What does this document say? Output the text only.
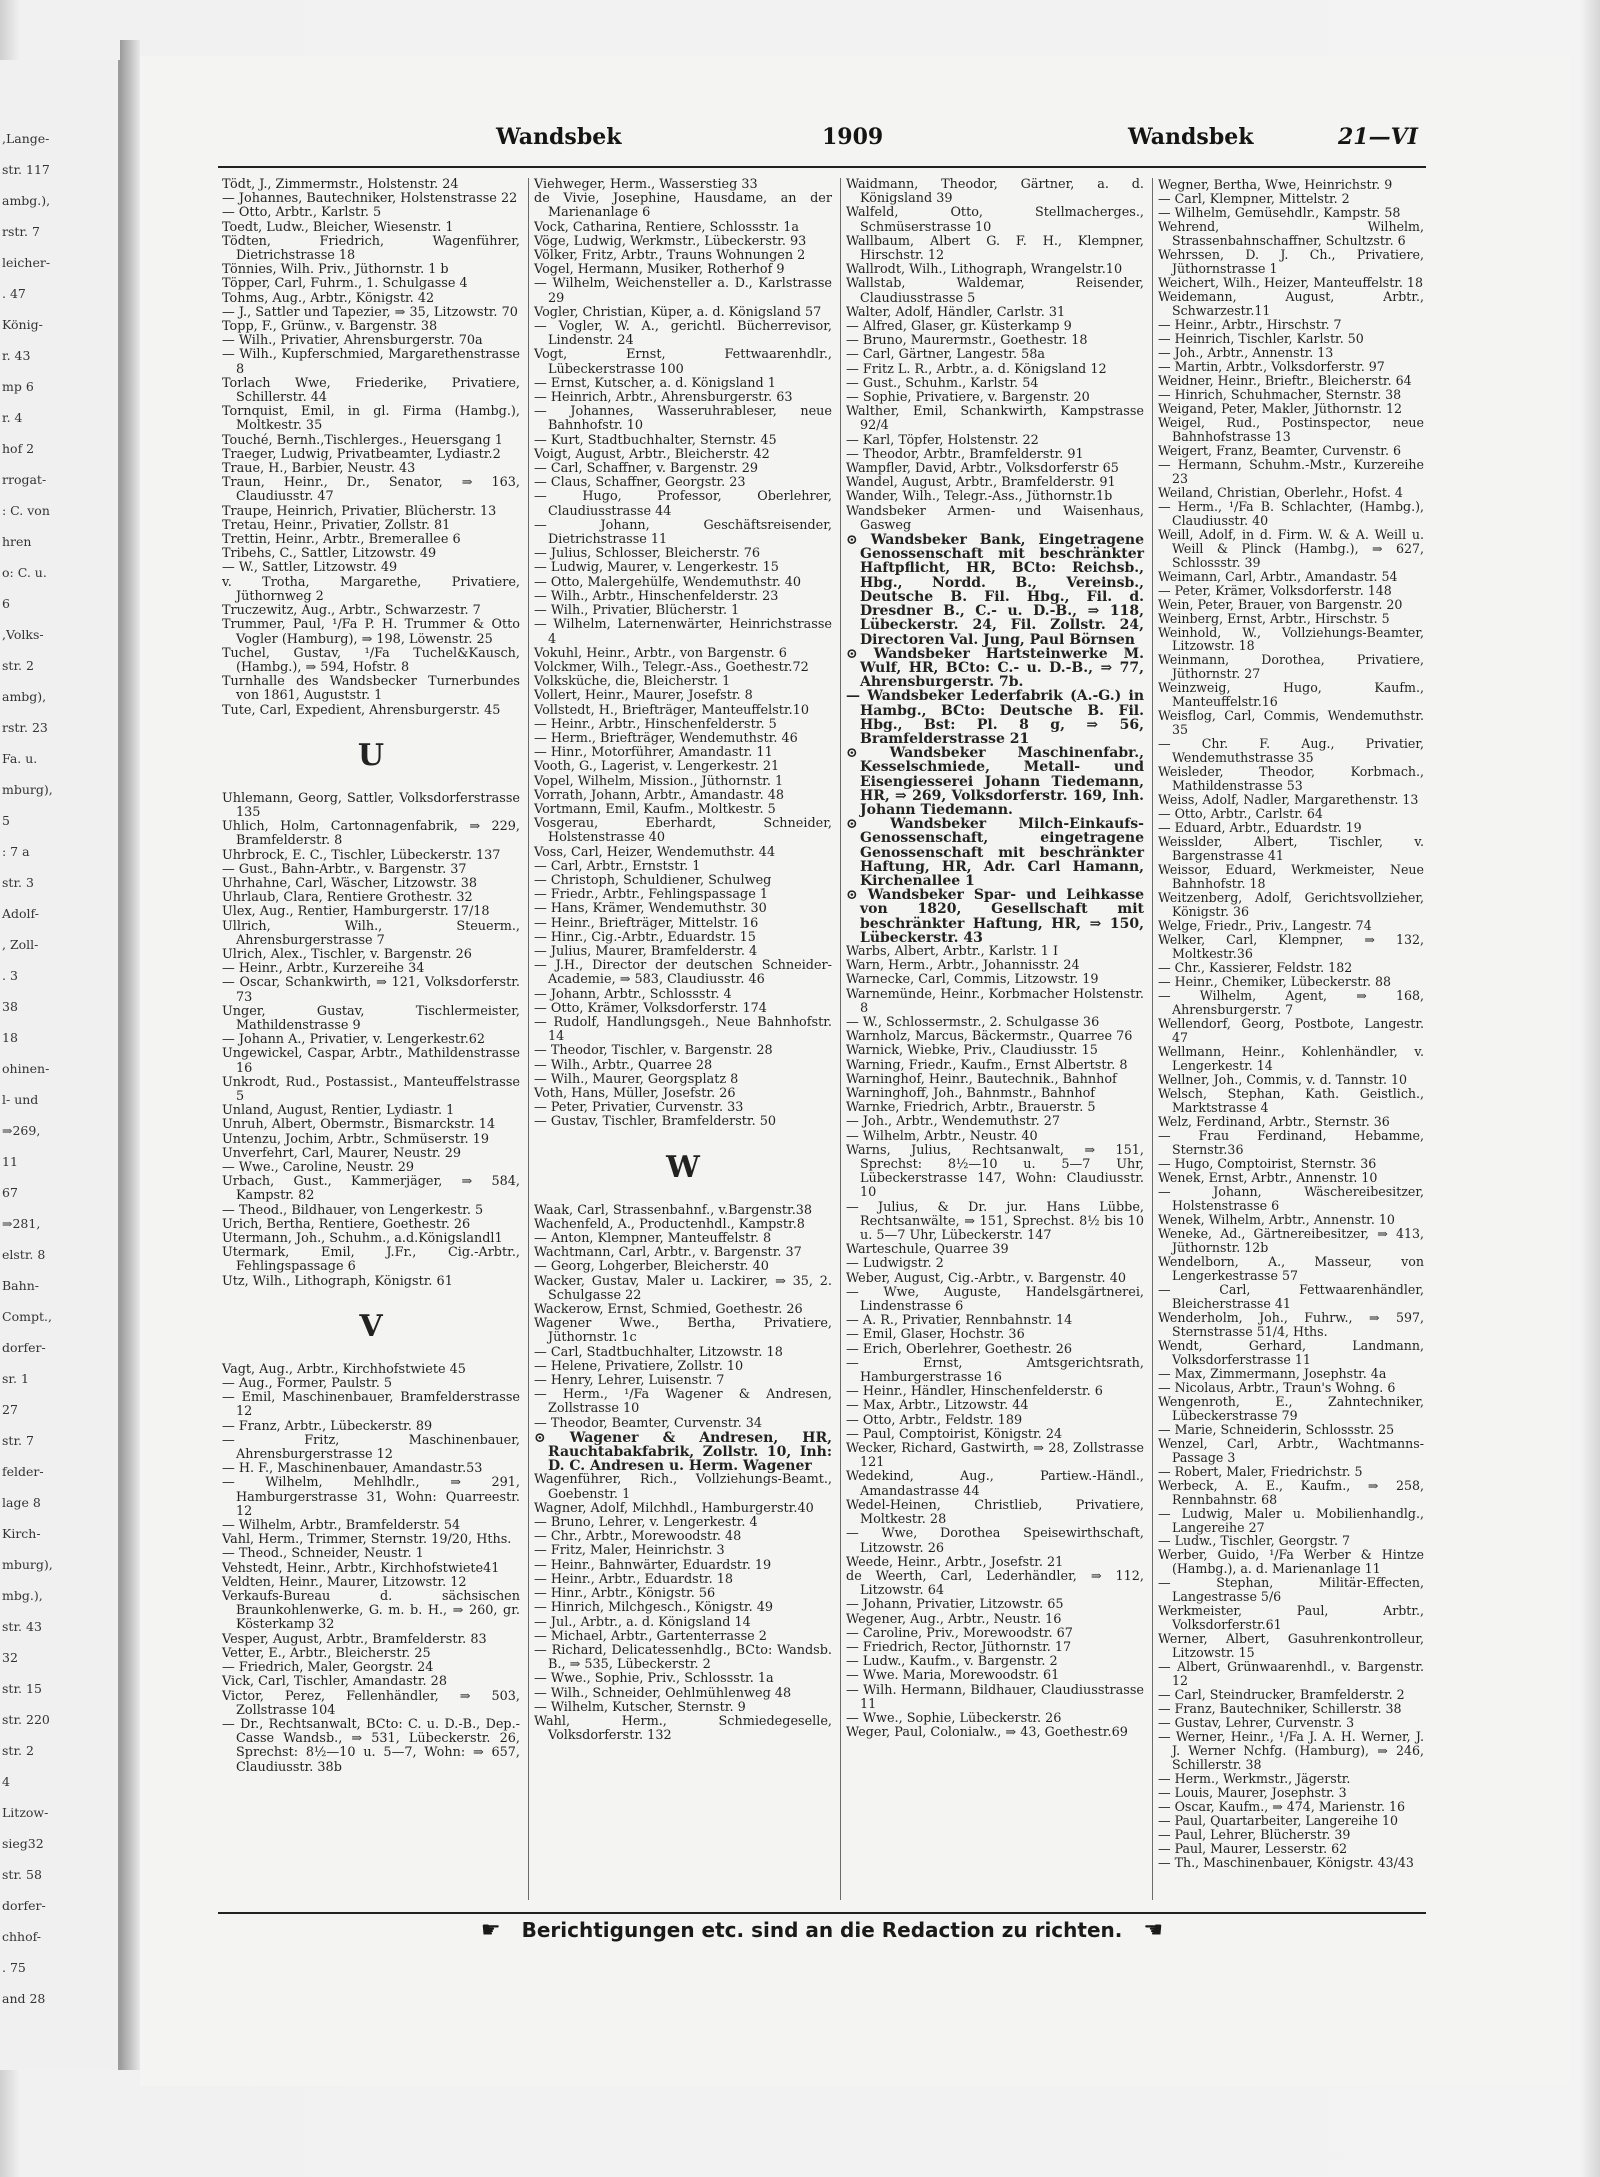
,Lange-
str. 117
ambg.),
rstr. 7
leicher-
. 47
König-
r. 43
mp 6
r. 4
hof 2
rrogat-
: C. von
hren
o: C. u.
6
,Volks-
str. 2
ambg),
rstr. 23
Fa. u.
mburg),
5
: 7 a
str. 3
Adolf-
, Zoll-
. 3
38
18
ohinen-
l- und
⇒269,
11
67
⇒281,
elstr. 8
Bahn-
Compt.,
dorfer-
sr. 1
27
str. 7
felder-
lage 8
Kirch-
mburg),
mbg.),
str. 43
32
str. 15
str. 220
str. 2
4
Litzow-
sieg32
str. 58
dorfer-
chhof-
. 75
and 28
Wandsbek	1909	Wandsbek	21—VI

Tödt, J., Zimmermstr., Holstenstr. 24

— Johannes, Bautechniker, Holstenstrasse 22

— Otto, Arbtr., Karlstr. 5

Toedt, Ludw., Bleicher, Wiesenstr. 1

Tödten, Friedrich, Wagenführer, Dietrichstrasse 18

Tönnies, Wilh. Priv., Jüthornstr. 1 b

Töpper, Carl, Fuhrm., 1. Schulgasse 4

Tohms, Aug., Arbtr., Königstr. 42

— J., Sattler und Tapezier, ⇒ 35, Litzowstr. 70

Topp, F., Grünw., v. Bargenstr. 38

— Wilh., Privatier, Ahrensburgerstr. 70a

— Wilh., Kupferschmied, Margarethenstrasse 8

Torlach Wwe, Friederike, Privatiere, Schillerstr. 44

Tornquist, Emil, in gl. Firma (Hambg.), Moltkestr. 35

Touché, Bernh.,Tischlerges., Heuersgang 1

Traeger, Ludwig, Privatbeamter, Lydiastr.2

Traue, H., Barbier, Neustr. 43

Traun, Heinr., Dr., Senator, ⇒ 163, Claudiusstr. 47

Traupe, Heinrich, Privatier, Blücherstr. 13

Tretau, Heinr., Privatier, Zollstr. 81

Trettin, Heinr., Arbtr., Bremerallee 6

Tribehs, C., Sattler, Litzowstr. 49

— W., Sattler, Litzowstr. 49

v. Trotha, Margarethe, Privatiere, Jüthornweg 2

Truczewitz, Aug., Arbtr., Schwarzestr. 7

Trummer, Paul, ¹/Fa P. H. Trummer & Otto Vogler (Hamburg), ⇒ 198, Löwenstr. 25

Tuchel, Gustav, ¹/Fa Tuchel&Kausch, (Hambg.), ⇒ 594, Hofstr. 8

Turnhalle des Wandsbecker Turnerbundes von 1861, Auguststr. 1

Tute, Carl, Expedient, Ahrensburgerstr. 45

U

Uhlemann, Georg, Sattler, Volksdorferstrasse 135

Uhlich, Holm, Cartonnagenfabrik, ⇒ 229, Bramfelderstr. 8

Uhrbrock, E. C., Tischler, Lübeckerstr. 137

— Gust., Bahn-Arbtr., v. Bargenstr. 37

Uhrhahne, Carl, Wäscher, Litzowstr. 38

Uhrlaub, Clara, Rentiere Grothestr. 32

Ulex, Aug., Rentier, Hamburgerstr. 17/18

Ullrich, Wilh., Steuerm., Ahrensburgerstrasse 7

Ulrich, Alex., Tischler, v. Bargenstr. 26

— Heinr., Arbtr., Kurzereihe 34

— Oscar, Schankwirth, ⇒ 121, Volksdorferstr. 73

Unger, Gustav, Tischlermeister, Mathildenstrasse 9

— Johann A., Privatier, v. Lengerkestr.62

Ungewickel, Caspar, Arbtr., Mathildenstrasse 16

Unkrodt, Rud., Postassist., Manteuffelstrasse 5

Unland, August, Rentier, Lydiastr. 1

Unruh, Albert, Obermstr., Bismarckstr. 14

Untenzu, Jochim, Arbtr., Schmüserstr. 19

Unverfehrt, Carl, Maurer, Neustr. 29

— Wwe., Caroline, Neustr. 29

Urbach, Gust., Kammerjäger, ⇒ 584, Kampstr. 82

— Theod., Bildhauer, von Lengerkestr. 5

Urich, Bertha, Rentiere, Goethestr. 26

Utermann, Joh., Schuhm., a.d.Königslandl1

Utermark, Emil, J.Fr., Cig.-Arbtr., Fehlingspassage 6

Utz, Wilh., Lithograph, Königstr. 61

V

Vagt, Aug., Arbtr., Kirchhofstwiete 45

— Aug., Former, Paulstr. 5

— Emil, Maschinenbauer, Bramfelderstrasse 12

— Franz, Arbtr., Lübeckerstr. 89

— Fritz, Maschinenbauer, Ahrensburgerstrasse 12

— H. F., Maschinenbauer, Amandastr.53

— Wilhelm, Mehlhdlr., ⇒ 291, Hamburgerstrasse 31, Wohn: Quarreestr. 12

— Wilhelm, Arbtr., Bramfelderstr. 54

Vahl, Herm., Trimmer, Sternstr. 19/20, Hths.

— Theod., Schneider, Neustr. 1

Vehstedt, Heinr., Arbtr., Kirchhofstwiete41

Veldten, Heinr., Maurer, Litzowstr. 12

Verkaufs-Bureau d. sächsischen Braunkohlenwerke, G. m. b. H., ⇒ 260, gr. Kösterkamp 32

Vesper, August, Arbtr., Bramfelderstr. 83

Vetter, E., Arbtr., Bleicherstr. 25

— Friedrich, Maler, Georgstr. 24

Vick, Carl, Tischler, Amandastr. 28

Victor, Perez, Fellenhändler, ⇒ 503, Zollstrasse 104

— Dr., Rechtsanwalt, BCto: C. u. D.-B., Dep.-Casse Wandsb., ⇒ 531, Lübeckerstr. 26, Sprechst: 8½—10 u. 5—7, Wohn: ⇒ 657, Claudiusstr. 38b

Viehweger, Herm., Wasserstieg 33

de Vivie, Josephine, Hausdame, an der Marienanlage 6

Vock, Catharina, Rentiere, Schlossstr. 1a

Vöge, Ludwig, Werkmstr., Lübeckerstr. 93

Völker, Fritz, Arbtr., Trauns Wohnungen 2

Vogel, Hermann, Musiker, Rotherhof 9

— Wilhelm, Weichensteller a. D., Karlstrasse 29

Vogler, Christian, Küper, a. d. Königsland 57

— Vogler, W. A., gerichtl. Bücherrevisor, Lindenstr. 24

Vogt, Ernst, Fettwaarenhdlr., Lübeckerstrasse 100

— Ernst, Kutscher, a. d. Königsland 1

— Heinrich, Arbtr., Ahrensburgerstr. 63

— Johannes, Wasseruhrableser, neue Bahnhofstr. 10

— Kurt, Stadtbuchhalter, Sternstr. 45

Voigt, August, Arbtr., Bleicherstr. 42

— Carl, Schaffner, v. Bargenstr. 29

— Claus, Schaffner, Georgstr. 23

— Hugo, Professor, Oberlehrer, Claudiusstrasse 44

— Johann, Geschäftsreisender, Dietrichstrasse 11

— Julius, Schlosser, Bleicherstr. 76

— Ludwig, Maurer, v. Lengerkestr. 15

— Otto, Malergehülfe, Wendemuthstr. 40

— Wilh., Arbtr., Hinschenfelderstr. 23

— Wilh., Privatier, Blücherstr. 1

— Wilhelm, Laternenwärter, Heinrichstrasse 4

Vokuhl, Heinr., Arbtr., von Bargenstr. 6

Volckmer, Wilh., Telegr.-Ass., Goethestr.72

Volksküche, die, Bleicherstr. 1

Vollert, Heinr., Maurer, Josefstr. 8

Vollstedt, H., Briefträger, Manteuffelstr.10

— Heinr., Arbtr., Hinschenfelderstr. 5

— Herm., Briefträger, Wendemuthstr. 46

— Hinr., Motorführer, Amandastr. 11

Vooth, G., Lagerist, v. Lengerkestr. 21

Vopel, Wilhelm, Mission., Jüthornstr. 1

Vorrath, Johann, Arbtr., Amandastr. 48

Vortmann, Emil, Kaufm., Moltkestr. 5

Vosgerau, Eberhardt, Schneider, Holstenstrasse 40

Voss, Carl, Heizer, Wendemuthstr. 44

— Carl, Arbtr., Ernststr. 1

— Christoph, Schuldiener, Schulweg

— Friedr., Arbtr., Fehlingspassage 1

— Hans, Krämer, Wendemuthstr. 30

— Heinr., Briefträger, Mittelstr. 16

— Hinr., Cig.-Arbtr., Eduardstr. 15

— Julius, Maurer, Bramfelderstr. 4

— J.H., Director der deutschen Schneider-Academie, ⇒ 583, Claudiusstr. 46

— Johann, Arbtr., Schlossstr. 4

— Otto, Krämer, Volksdorferstr. 174

— Rudolf, Handlungsgeh., Neue Bahnhofstr. 14

— Theodor, Tischler, v. Bargenstr. 28

— Wilh., Arbtr., Quarree 28

— Wilh., Maurer, Georgsplatz 8

Voth, Hans, Müller, Josefstr. 26

— Peter, Privatier, Curvenstr. 33

— Gustav, Tischler, Bramfelderstr. 50

W

Waak, Carl, Strassenbahnf., v.Bargenstr.38

Wachenfeld, A., Productenhdl., Kampstr.8

— Anton, Klempner, Manteuffelstr. 8

Wachtmann, Carl, Arbtr., v. Bargenstr. 37

— Georg, Lohgerber, Bleicherstr. 40

Wacker, Gustav, Maler u. Lackirer, ⇒ 35, 2. Schulgasse 22

Wackerow, Ernst, Schmied, Goethestr. 26

Wagener Wwe., Bertha, Privatiere, Jüthornstr. 1c

— Carl, Stadtbuchhalter, Litzowstr. 18

— Helene, Privatiere, Zollstr. 10

— Henry, Lehrer, Luisenstr. 7

— Herm., ¹/Fa Wagener & Andresen, Zollstrasse 10

— Theodor, Beamter, Curvenstr. 34

⊙ Wagener & Andresen, HR, Rauchtabakfabrik, Zollstr. 10, Inh: D. C. Andresen u. Herm. Wagener

Wagenführer, Rich., Vollziehungs-Beamt., Goebenstr. 1

Wagner, Adolf, Milchhdl., Hamburgerstr.40

— Bruno, Lehrer, v. Lengerkestr. 4

— Chr., Arbtr., Morewoodstr. 48

— Fritz, Maler, Heinrichstr. 3

— Heinr., Bahnwärter, Eduardstr. 19

— Heinr., Arbtr., Eduardstr. 18

— Hinr., Arbtr., Königstr. 56

— Hinrich, Milchgesch., Königstr. 49

— Jul., Arbtr., a. d. Königsland 14

— Michael, Arbtr., Gartenterrasse 2

— Richard, Delicatessenhdlg., BCto: Wandsb. B., ⇒ 535, Lübeckerstr. 2

— Wwe., Sophie, Priv., Schlossstr. 1a

— Wilh., Schneider, Oehlmühlenweg 48

— Wilhelm, Kutscher, Sternstr. 9

Wahl, Herm., Schmiedegeselle, Volksdorferstr. 132

Waidmann, Theodor, Gärtner, a. d. Königsland 39

Walfeld, Otto, Stellmacherges., Schmüserstrasse 10

Wallbaum, Albert G. F. H., Klempner, Hirschstr. 12

Wallrodt, Wilh., Lithograph, Wrangelstr.10

Wallstab, Waldemar, Reisender, Claudiusstrasse 5

Walter, Adolf, Händler, Carlstr. 31

— Alfred, Glaser, gr. Küsterkamp 9

— Bruno, Maurermstr., Goethestr. 18

— Carl, Gärtner, Langestr. 58a

— Fritz L. R., Arbtr., a. d. Königsland 12

— Gust., Schuhm., Karlstr. 54

— Sophie, Privatiere, v. Bargenstr. 20

Walther, Emil, Schankwirth, Kampstrasse 92/4

— Karl, Töpfer, Holstenstr. 22

— Theodor, Arbtr., Bramfelderstr. 91

Wampfler, David, Arbtr., Volksdorferstr 65

Wandel, August, Arbtr., Bramfelderstr. 91

Wander, Wilh., Telegr.-Ass., Jüthornstr.1b

Wandsbeker Armen- und Waisenhaus, Gasweg

⊙ Wandsbeker Bank, Eingetragene Genossenschaft mit beschränkter Haftpflicht, HR, BCto: Reichsb., Hbg., Nordd. B., Vereinsb., Deutsche B. Fil. Hbg., Fil. d. Dresdner B., C.- u. D.-B., ⇒ 118, Lübeckerstr. 24, Fil. Zollstr. 24, Directoren Val. Jung, Paul Börnsen

⊙ Wandsbeker Hartsteinwerke M. Wulf, HR, BCto: C.- u. D.-B., ⇒ 77, Ahrensburgerstr. 7b.

— Wandsbeker Lederfabrik (A.-G.) in Hambg., BCto: Deutsche B. Fil. Hbg., Bst: Pl. 8 g, ⇒ 56, Bramfelderstrasse 21

⊙ Wandsbeker Maschinenfabr., Kesselschmiede, Metall- und Eisengiesserei Johann Tiedemann, HR, ⇒ 269, Volksdorferstr. 169, Inh. Johann Tiedemann.

⊙ Wandsbeker Milch-Einkaufs-Genossenschaft, eingetragene Genossenschaft mit beschränkter Haftung, HR, Adr. Carl Hamann, Kirchenallee 1

⊙ Wandsbeker Spar- und Leihkasse von 1820, Gesellschaft mit beschränkter Haftung, HR, ⇒ 150, Lübeckerstr. 43

Warbs, Albert, Arbtr., Karlstr. 1 I

Warn, Herm., Arbtr., Johannisstr. 24

Warnecke, Carl, Commis, Litzowstr. 19

Warnemünde, Heinr., Korbmacher Holstenstr. 8

— W., Schlossermstr., 2. Schulgasse 36

Warnholz, Marcus, Bäckermstr., Quarree 76

Warnick, Wiebke, Priv., Claudiusstr. 15

Warning, Friedr., Kaufm., Ernst Albertstr. 8

Warninghof, Heinr., Bautechnik., Bahnhof

Warninghoff, Joh., Bahnmstr., Bahnhof

Warnke, Friedrich, Arbtr., Brauerstr. 5

— Joh., Arbtr., Wendemuthstr. 27

— Wilhelm, Arbtr., Neustr. 40

Warns, Julius, Rechtsanwalt, ⇒ 151, Sprechst: 8½—10 u. 5—7 Uhr, Lübeckerstrasse 147, Wohn: Claudiusstr. 10

— Julius, & Dr. jur. Hans Lübbe, Rechtsanwälte, ⇒ 151, Sprechst. 8½ bis 10 u. 5—7 Uhr, Lübeckerstr. 147

Warteschule, Quarree 39

— Ludwigstr. 2

Weber, August, Cig.-Arbtr., v. Bargenstr. 40

— Wwe, Auguste, Handelsgärtnerei, Lindenstrasse 6

— A. R., Privatier, Rennbahnstr. 14

— Emil, Glaser, Hochstr. 36

— Erich, Oberlehrer, Goethestr. 26

— Ernst, Amtsgerichtsrath, Hamburgerstrasse 16

— Heinr., Händler, Hinschenfelderstr. 6

— Max, Arbtr., Litzowstr. 44

— Otto, Arbtr., Feldstr. 189

— Paul, Comptoirist, Königstr. 24

Wecker, Richard, Gastwirth, ⇒ 28, Zollstrasse 121

Wedekind, Aug., Partiew.-Händl., Amandastrasse 44

Wedel-Heinen, Christlieb, Privatiere, Moltkestr. 28

— Wwe, Dorothea Speisewirthschaft, Litzowstr. 26

Weede, Heinr., Arbtr., Josefstr. 21

de Weerth, Carl, Lederhändler, ⇒ 112, Litzowstr. 64

— Johann, Privatier, Litzowstr. 65

Wegener, Aug., Arbtr., Neustr. 16

— Caroline, Priv., Morewoodstr. 67

— Friedrich, Rector, Jüthornstr. 17

— Ludw., Kaufm., v. Bargenstr. 2

— Wwe. Maria, Morewoodstr. 61

— Wilh. Hermann, Bildhauer, Claudiusstrasse 11

— Wwe., Sophie, Lübeckerstr. 26

Weger, Paul, Colonialw., ⇒ 43, Goethestr.69

Wegner, Bertha, Wwe, Heinrichstr. 9

— Carl, Klempner, Mittelstr. 2

— Wilhelm, Gemüsehdlr., Kampstr. 58

Wehrend, Wilhelm, Strassenbahnschaffner, Schultzstr. 6

Wehrssen, D. J. Ch., Privatiere, Jüthornstrasse 1

Weichert, Wilh., Heizer, Manteuffelstr. 18

Weidemann, August, Arbtr., Schwarzestr.11

— Heinr., Arbtr., Hirschstr. 7

— Heinrich, Tischler, Karlstr. 50

— Joh., Arbtr., Annenstr. 13

— Martin, Arbtr., Volksdorferstr. 97

Weidner, Heinr., Brieftr., Bleicherstr. 64

— Hinrich, Schuhmacher, Sternstr. 38

Weigand, Peter, Makler, Jüthornstr. 12

Weigel, Rud., Postinspector, neue Bahnhofstrasse 13

Weigert, Franz, Beamter, Curvenstr. 6

— Hermann, Schuhm.-Mstr., Kurzereihe 23

Weiland, Christian, Oberlehr., Hofst. 4

— Herm., ¹/Fa B. Schlachter, (Hambg.), Claudiusstr. 40

Weill, Adolf, in d. Firm. W. & A. Weill u. Weill & Plinck (Hambg.), ⇒ 627, Schlossstr. 39

Weimann, Carl, Arbtr., Amandastr. 54

— Peter, Krämer, Volksdorferstr. 148

Wein, Peter, Brauer, von Bargenstr. 20

Weinberg, Ernst, Arbtr., Hirschstr. 5

Weinhold, W., Vollziehungs-Beamter, Litzowstr. 18

Weinmann, Dorothea, Privatiere, Jüthornstr. 27

Weinzweig, Hugo, Kaufm., Manteuffelstr.16

Weisflog, Carl, Commis, Wendemuthstr. 35

— Chr. F. Aug., Privatier, Wendemuthstrasse 35

Weisleder, Theodor, Korbmach., Mathildenstrasse 53

Weiss, Adolf, Nadler, Margarethenstr. 13

— Otto, Arbtr., Carlstr. 64

— Eduard, Arbtr., Eduardstr. 19

Weisslder, Albert, Tischler, v. Bargenstrasse 41

Weissor, Eduard, Werkmeister, Neue Bahnhofstr. 18

Weitzenberg, Adolf, Gerichtsvollzieher, Königstr. 36

Welge, Friedr., Priv., Langestr. 74

Welker, Carl, Klempner, ⇒ 132, Moltkestr.36

— Chr., Kassierer, Feldstr. 182

— Heinr., Chemiker, Lübeckerstr. 88

— Wilhelm, Agent, ⇒ 168, Ahrensburgerstr. 7

Wellendorf, Georg, Postbote, Langestr. 47

Wellmann, Heinr., Kohlenhändler, v. Lengerkestr. 14

Wellner, Joh., Commis, v. d. Tannstr. 10

Welsch, Stephan, Kath. Geistlich., Marktstrasse 4

Welz, Ferdinand, Arbtr., Sternstr. 36

— Frau Ferdinand, Hebamme, Sternstr.36

— Hugo, Comptoirist, Sternstr. 36

Wenek, Ernst, Arbtr., Annenstr. 10

— Johann, Wäschereibesitzer, Holstenstrasse 6

Wenek, Wilhelm, Arbtr., Annenstr. 10

Weneke, Ad., Gärtnereibesitzer, ⇒ 413, Jüthornstr. 12b

Wendelborn, A., Masseur, von Lengerkestrasse 57

— Carl, Fettwaarenhändler, Bleicherstrasse 41

Wenderholm, Joh., Fuhrw., ⇒ 597, Sternstrasse 51/4, Hths.

Wendt, Gerhard, Landmann, Volksdorferstrasse 11

— Max, Zimmermann, Josephstr. 4a

— Nicolaus, Arbtr., Traun's Wohng. 6

Wengenroth, E., Zahntechniker, Lübeckerstrasse 79

— Marie, Schneiderin, Schlossstr. 25

Wenzel, Carl, Arbtr., Wachtmanns-Passage 3

— Robert, Maler, Friedrichstr. 5

Werbeck, A. E., Kaufm., ⇒ 258, Rennbahnstr. 68

— Ludwig, Maler u. Mobilienhandlg., Langereihe 27

— Ludw., Tischler, Georgstr. 7

Werber, Guido, ¹/Fa Werber & Hintze (Hambg.), a. d. Marienanlage 11

— Stephan, Militär-Effecten, Langestrasse 5/6

Werkmeister, Paul, Arbtr., Volksdorferstr.61

Werner, Albert, Gasuhrenkontrolleur, Litzowstr. 15

— Albert, Grünwaarenhdl., v. Bargenstr. 12

— Carl, Steindrucker, Bramfelderstr. 2

— Franz, Bautechniker, Schillerstr. 38

— Gustav, Lehrer, Curvenstr. 3

— Werner, Heinr., ¹/Fa J. A. H. Werner, J. J. Werner Nchfg. (Hamburg), ⇒ 246, Schillerstr. 38

— Herm., Werkmstr., Jägerstr.

— Louis, Maurer, Josephstr. 3

— Oscar, Kaufm., ⇒ 474, Marienstr. 16

— Paul, Quartarbeiter, Langereihe 10

— Paul, Lehrer, Blücherstr. 39

— Paul, Maurer, Lesserstr. 62

— Th., Maschinenbauer, Königstr. 43/43

☛ Berichtigungen etc. sind an die Redaction zu richten. ☚
